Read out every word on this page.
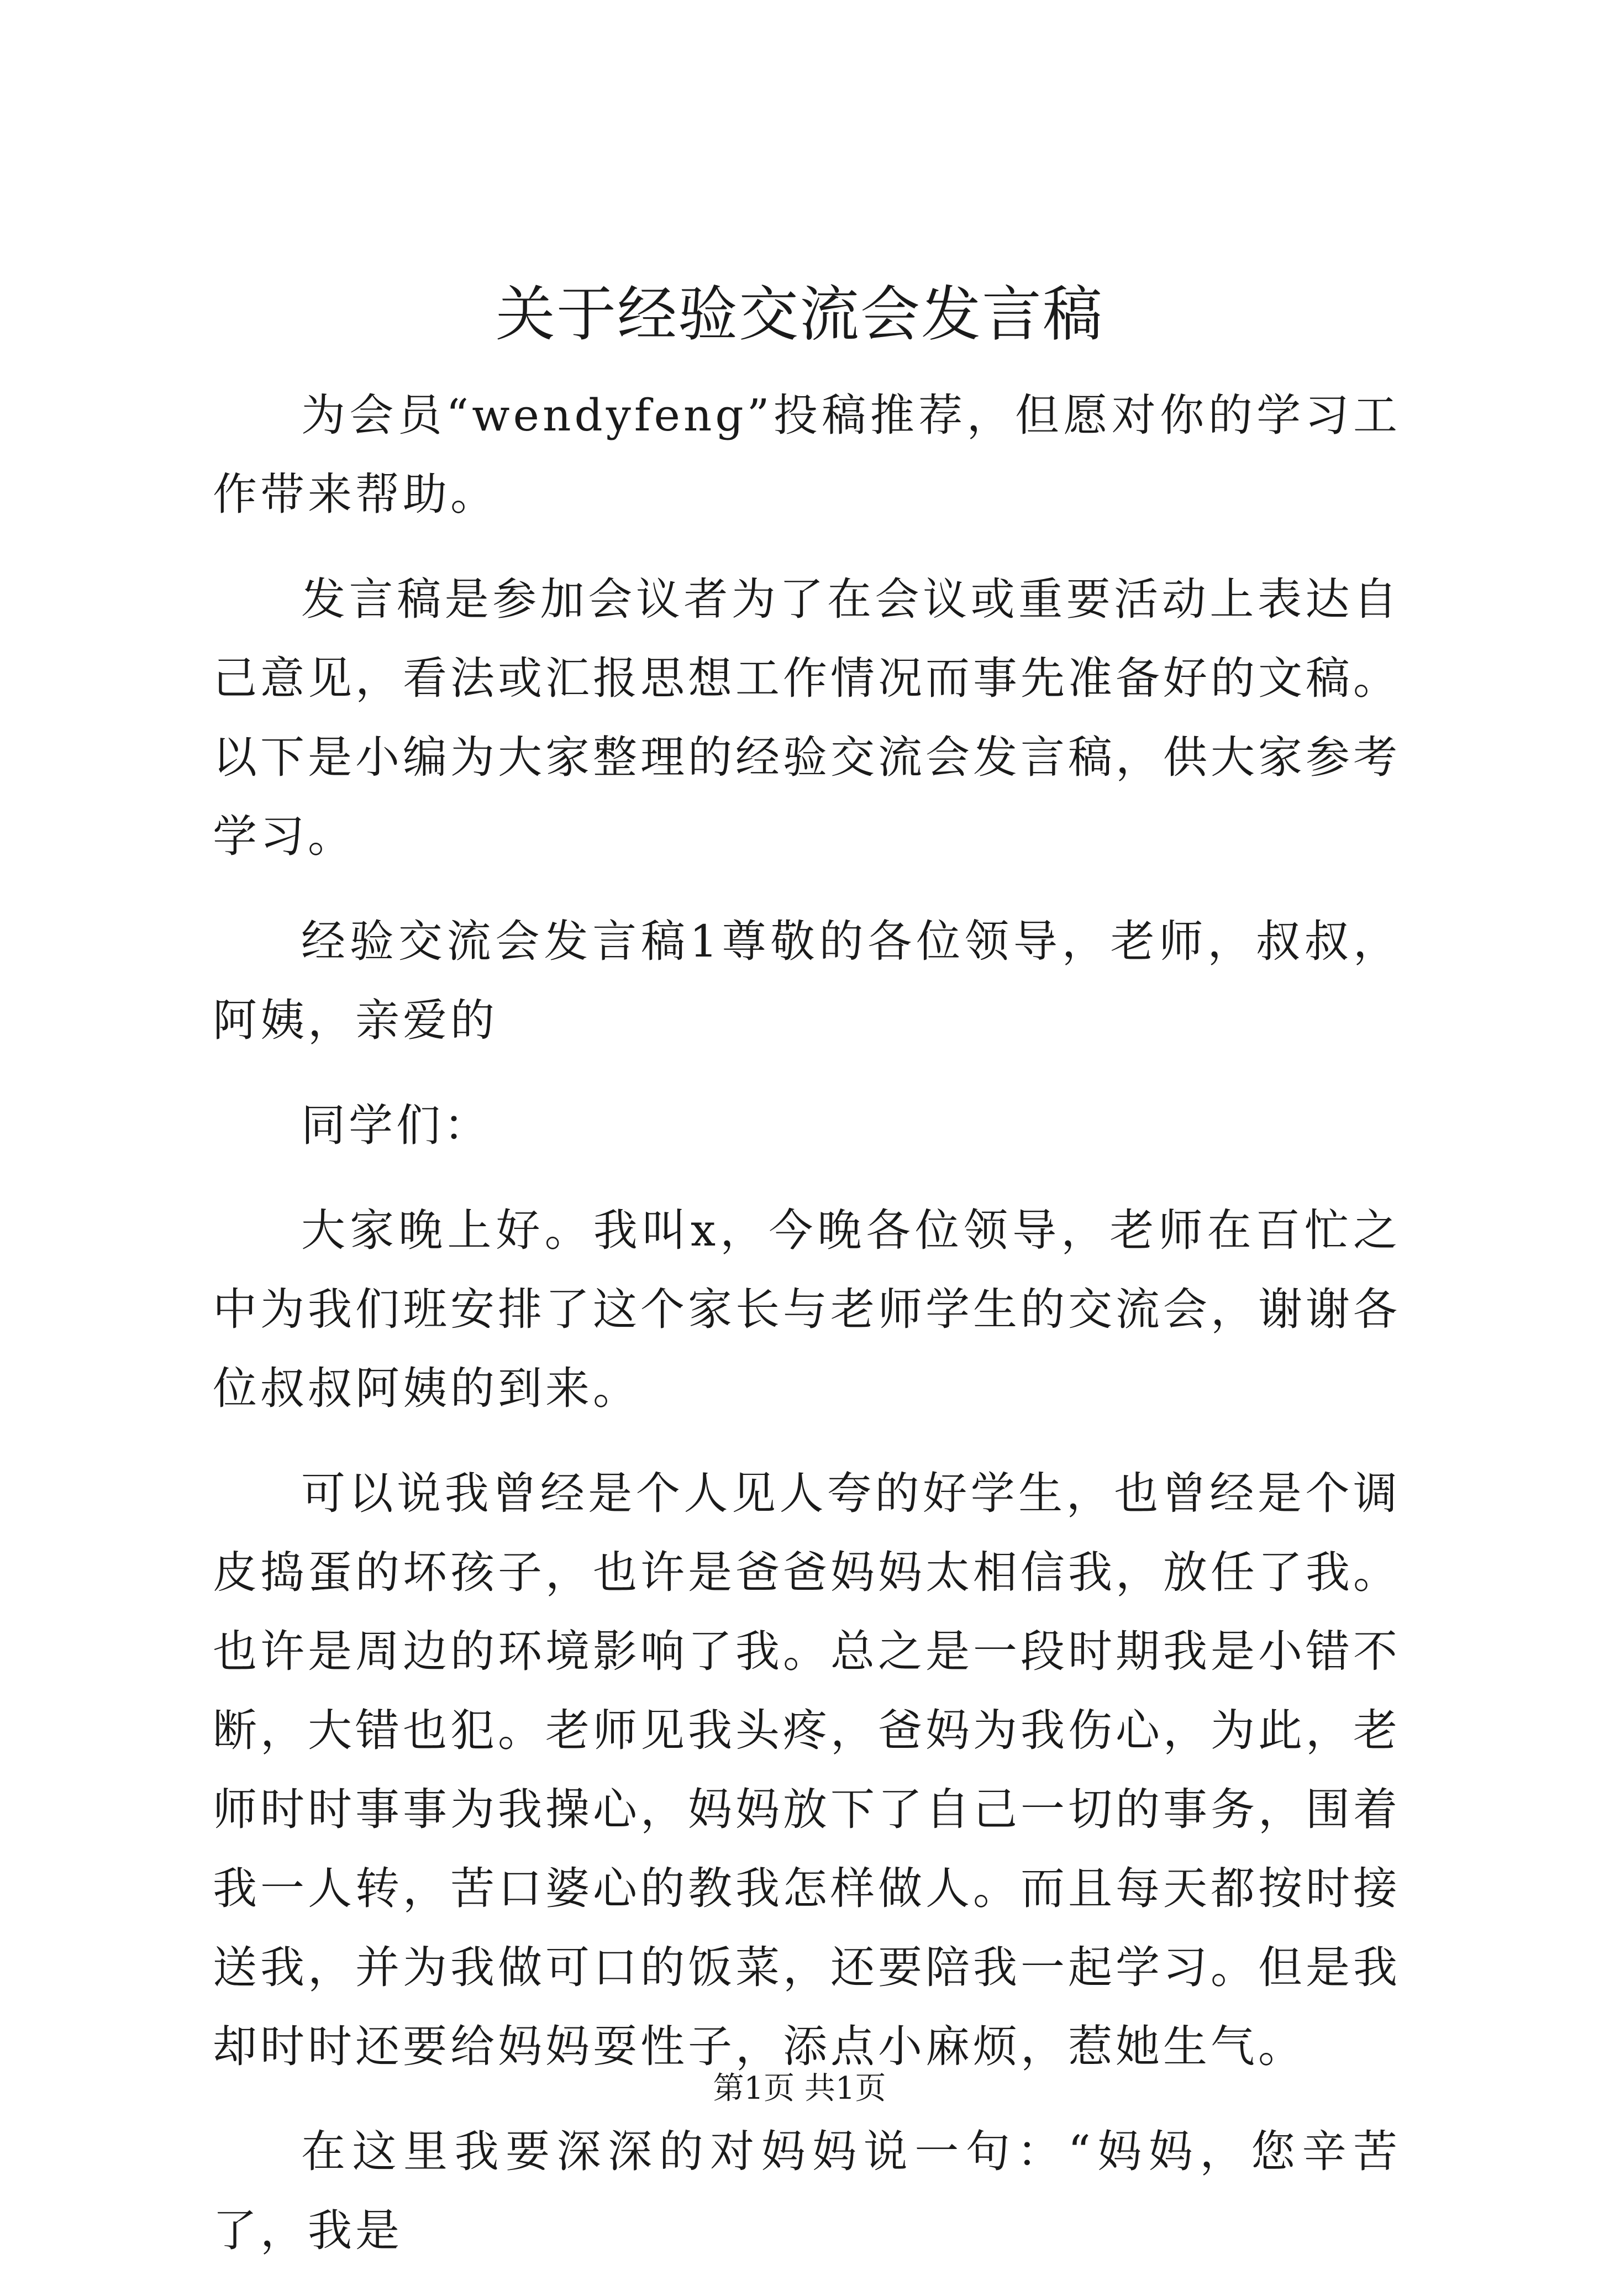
关于经验交流会发言稿

为会员“wendyfeng”投稿推荐，但愿对你的学习工作带来帮助。

发言稿是参加会议者为了在会议或重要活动上表达自己意见，看法或汇报思想工作情况而事先准备好的文稿。以下是小编为大家整理的经验交流会发言稿，供大家参考学习。

经验交流会发言稿1尊敬的各位领导，老师，叔叔，阿姨，亲爱的

同学们：

大家晚上好。我叫x，今晚各位领导，老师在百忙之中为我们班安排了这个家长与老师学生的交流会，谢谢各位叔叔阿姨的到来。

可以说我曾经是个人见人夸的好学生，也曾经是个调皮捣蛋的坏孩子，也许是爸爸妈妈太相信我，放任了我。也许是周边的环境影响了我。总之是一段时期我是小错不断，大错也犯。老师见我头疼，爸妈为我伤心，为此，老师时时事事为我操心，妈妈放下了自己一切的事务，围着我一人转，苦口婆心的教我怎样做人。而且每天都按时接送我，并为我做可口的饭菜，还要陪我一起学习。但是我却时时还要给妈妈耍性子，添点小麻烦，惹她生气。

在这里我要深深的对妈妈说一句：“妈妈，您辛苦了，我是

第1页 共1页
